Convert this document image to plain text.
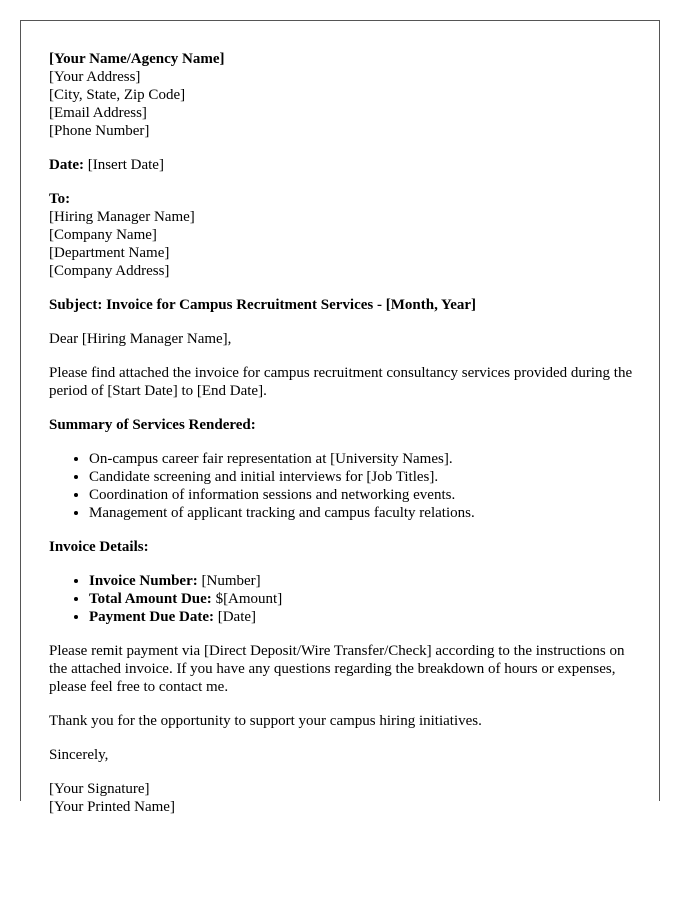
[Your Name/Agency Name]
[Your Address]
[City, State, Zip Code]
[Email Address]
[Phone Number]

Date: [Insert Date]

To:
[Hiring Manager Name]
[Company Name]
[Department Name]
[Company Address]

Subject: Invoice for Campus Recruitment Services - [Month, Year]

Dear [Hiring Manager Name],

Please find attached the invoice for campus recruitment consultancy services provided during the period of [Start Date] to [End Date].

Summary of Services Rendered:

• On-campus career fair representation at [University Names].
• Candidate screening and initial interviews for [Job Titles].
• Coordination of information sessions and networking events.
• Management of applicant tracking and campus faculty relations.

Invoice Details:

• Invoice Number: [Number]
• Total Amount Due: $[Amount]
• Payment Due Date: [Date]

Please remit payment via [Direct Deposit/Wire Transfer/Check] according to the instructions on the attached invoice. If you have any questions regarding the breakdown of hours or expenses, please feel free to contact me.

Thank you for the opportunity to support your campus hiring initiatives.

Sincerely,

[Your Signature]
[Your Printed Name]
